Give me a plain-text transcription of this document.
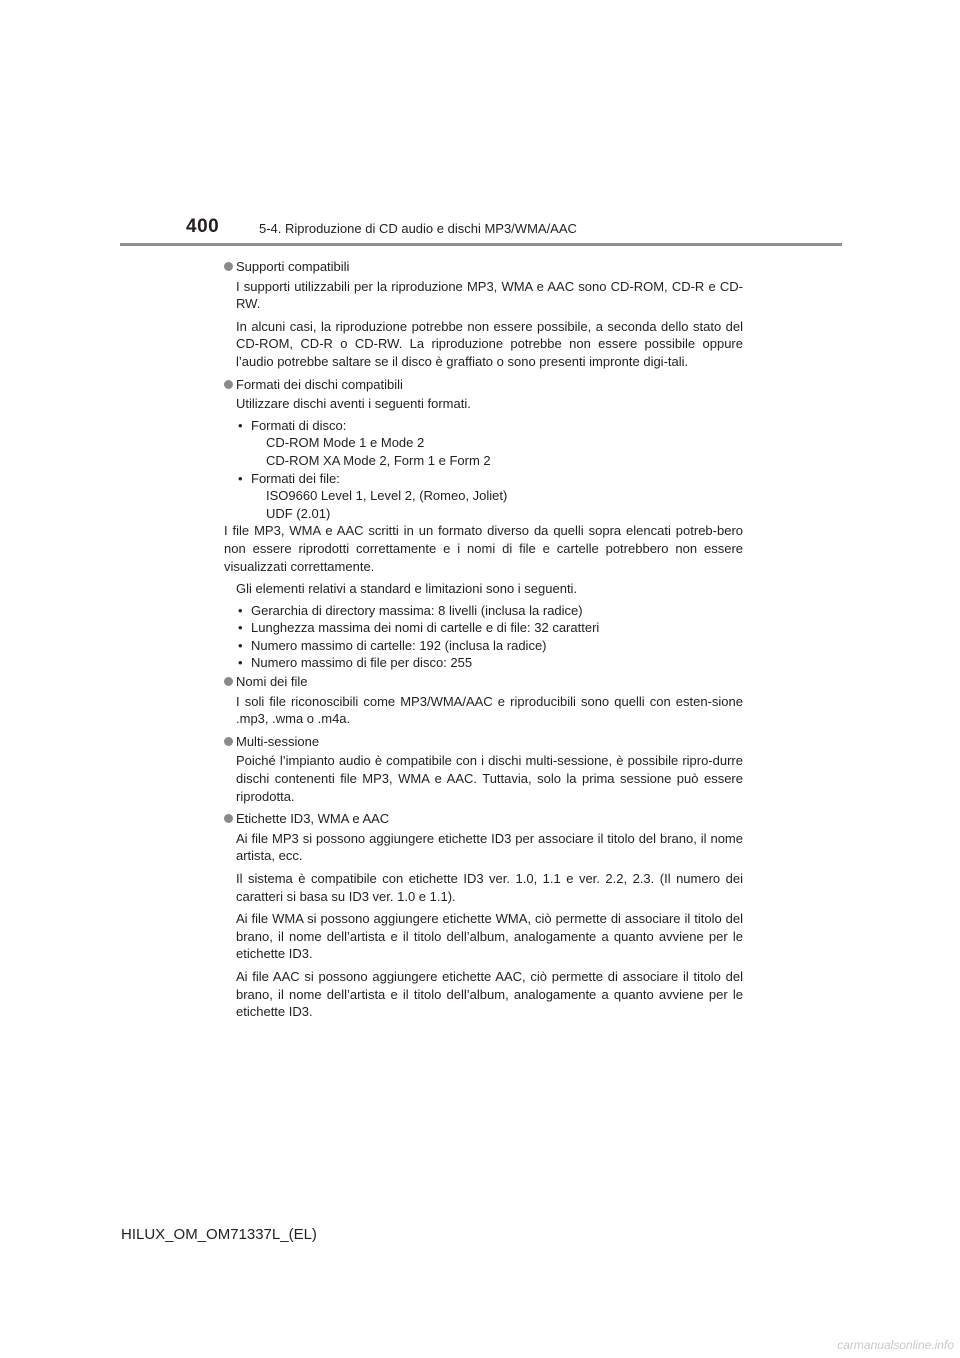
400	5-4. Riproduzione di CD audio e dischi MP3/WMA/AAC
Supporti compatibili
I supporti utilizzabili per la riproduzione MP3, WMA e AAC sono CD-ROM, CD-R e CD-RW.
In alcuni casi, la riproduzione potrebbe non essere possibile, a seconda dello stato del CD-ROM, CD-R o CD-RW. La riproduzione potrebbe non essere possibile oppure l’audio potrebbe saltare se il disco è graffiato o sono presenti impronte digi-tali.
Formati dei dischi compatibili
Utilizzare dischi aventi i seguenti formati.
• Formati di disco:
CD-ROM Mode 1 e Mode 2
CD-ROM XA Mode 2, Form 1 e Form 2
• Formati dei file:
ISO9660 Level 1, Level 2, (Romeo, Joliet)
UDF (2.01)
I file MP3, WMA e AAC scritti in un formato diverso da quelli sopra elencati potreb-bero non essere riprodotti correttamente e i nomi di file e cartelle potrebbero non essere visualizzati correttamente.
Gli elementi relativi a standard e limitazioni sono i seguenti.
• Gerarchia di directory massima: 8 livelli (inclusa la radice)
• Lunghezza massima dei nomi di cartelle e di file: 32 caratteri
• Numero massimo di cartelle: 192 (inclusa la radice)
• Numero massimo di file per disco: 255
Nomi dei file
I soli file riconoscibili come MP3/WMA/AAC e riproducibili sono quelli con esten-sione .mp3, .wma o .m4a.
Multi-sessione
Poiché l’impianto audio è compatibile con i dischi multi-sessione, è possibile ripro-durre dischi contenenti file MP3, WMA e AAC. Tuttavia, solo la prima sessione può essere riprodotta.
Etichette ID3, WMA e AAC
Ai file MP3 si possono aggiungere etichette ID3 per associare il titolo del brano, il nome artista, ecc.
Il sistema è compatibile con etichette ID3 ver. 1.0, 1.1 e ver. 2.2, 2.3. (Il numero dei caratteri si basa su ID3 ver. 1.0 e 1.1).
Ai file WMA si possono aggiungere etichette WMA, ciò permette di associare il titolo del brano, il nome dell’artista e il titolo dell’album, analogamente a quanto avviene per le etichette ID3.
Ai file AAC si possono aggiungere etichette AAC, ciò permette di associare il titolo del brano, il nome dell’artista e il titolo dell’album, analogamente a quanto avviene per le etichette ID3.
HILUX_OM_OM71337L_(EL)
carmanualsonline.info
